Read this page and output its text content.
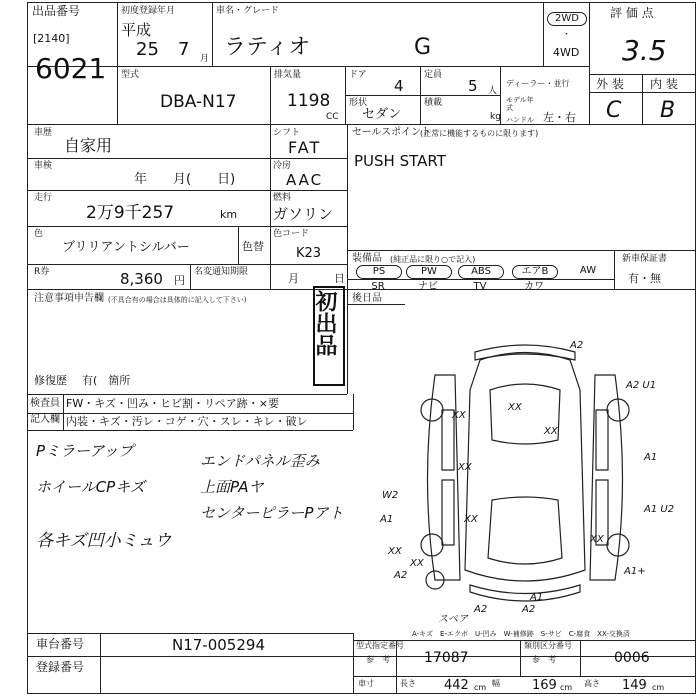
出品番号
[2140]
6021
初度登録年月
平成
25 7 月
車名・グレード
ラティオ	G
2WD
・
4WD
評 価 点
3.5
外 装 内 装
C B
型式
DBA-N17
排気量
1198
CC
ドア
4
定員
5 人
形状
セダン
積載
kg
ディーラー・並行
モデル年式
ハンドル 左・右
車歴
自家用
車検
年　　月(　　日)
走行
2万9千257	km
シフト
FAT
冷房
AAC
燃料
ガソリン
色
ブリリアントシルバー	色替
色コード
K23
R券	8,360 円
名変通知期限	月	日
初出品
注意事項申告欄 (不具合有の場合は具体的に記入して下さい)
修復歴 有(　箇所
セールスポイント
(正常に機能するものに限ります)
PUSH START
装備品 (純正品に限り○で記入)	新車保証書
有・無
PS	PW	ABS	エアB	AW
SR	ナビ	TV	カワ
後日品
検査員
記入欄
FW・キズ・凹み・ヒビ割・リペア跡・×要
内装・キズ・汚レ・コゲ・穴・スレ・キレ・破レ
Pミラーアップ
ホイールCPキズ
各キズ凹小ミュウ
エンドパネル歪み
上面PAヤ
センターピラーPアト
A2
A2 U1
XX
XX
XX
A1
XX
XX
W2
A1
A1 U2
XX
A2
XX
A1+
XX
A1
A2	A2
スペア
A-キズ　E-エクボ　U-凹み　W-補修跡　S-サビ　C-腐食　XX-交換済
車台番号	N17-005294
登録番号
型式指定番号
参　考 17087
類別区分番号
参　考	0006
車寸	長さ 442 cm 幅 169 cm 高さ 149 cm
